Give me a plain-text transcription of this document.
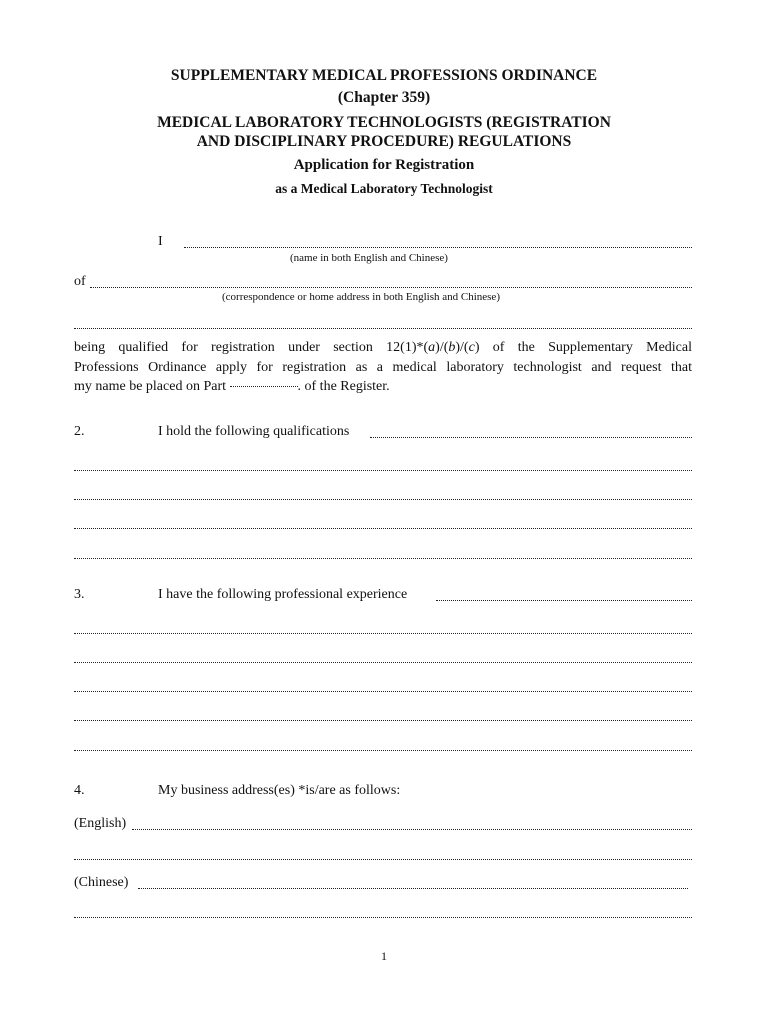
SUPPLEMENTARY MEDICAL PROFESSIONS ORDINANCE
(Chapter 359)
MEDICAL LABORATORY TECHNOLOGISTS (REGISTRATION
AND DISCIPLINARY PROCEDURE) REGULATIONS
Application for Registration
as a Medical Laboratory Technologist
I
(name in both English and Chinese)
of
(correspondence or home address in both English and Chinese)
being qualified for registration under section 12(1)*(a)/(b)/(c) of the Supplementary Medical
Professions Ordinance apply for registration as a medical laboratory technologist and request that
my name be placed on Part	. of the Register.
2.	I hold the following qualifications
3.	I have the following professional experience
4.	My business address(es) *is/are as follows:
(English)
(Chinese)
1
